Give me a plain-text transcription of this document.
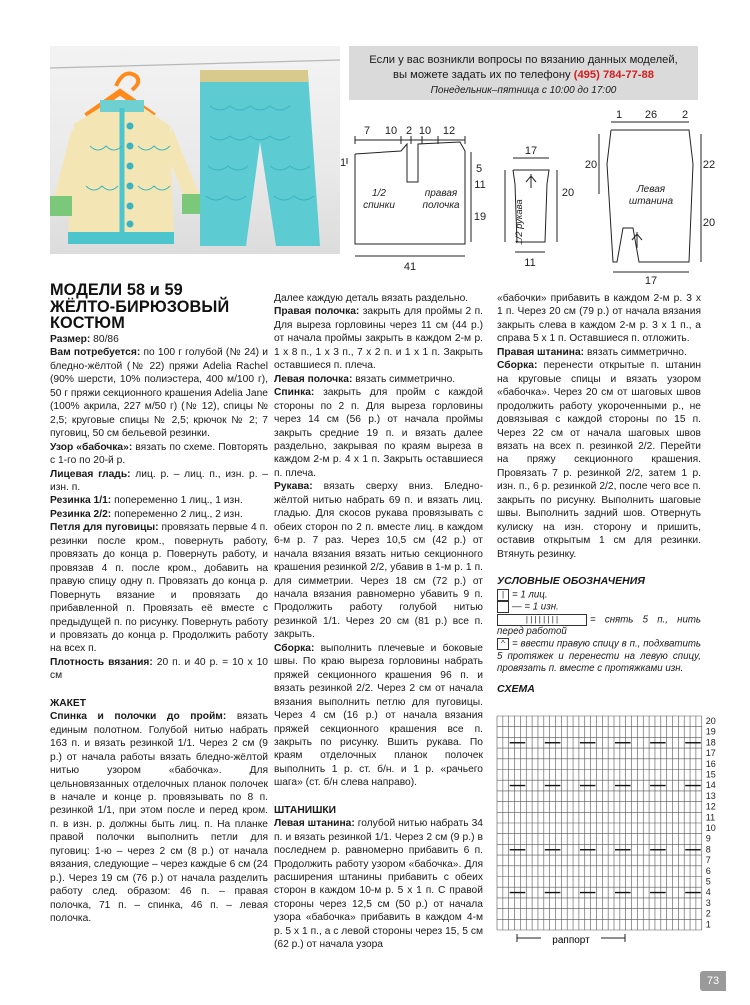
Если у вас возникли вопросы по вязанию данных моделей,
вы можете задать их по телефону (495) 784-77-88
Понедельник–пятница с 10:00 до 17:00
7 10 2 10 12
1	5
11
19
41
1/2
спинки
правая
полочка
17
20
11
1/2 рукава
1 26 2
20	22
20
17
Левая
штанина
МОДЕЛИ 58 и 59
ЖЁЛТО-БИРЮЗОВЫЙ
КОСТЮМ

Размер: 80/86

Вам потребуется: по 100 г голубой (№ 24) и бледно-жёлтой (№ 22) пряжи Adelia Rachel (90% шерсти, 10% полиэстера, 400 м/100 г), 50 г пряжи секционного крашения Adelia Jane (100% акрила, 227 м/50 г) (№ 12), спицы № 2,5; круговые спицы № 2,5; крючок № 2; 7 пуговиц, 50 см бельевой резинки.

Узор «бабочка»: вязать по схеме. Повторять с 1-го по 20-й р.

Лицевая гладь: лиц. р. – лиц. п., изн. р. – изн. п.

Резинка 1/1: попеременно 1 лиц., 1 изн.

Резинка 2/2: попеременно 2 лиц., 2 изн.

Петля для пуговицы: провязать первые 4 п. резинки после кром., повернуть работу, провязать до конца р. Повернуть работу, и провязав 4 п. после кром., добавить на правую спицу одну п. Провязать до конца р. Повернуть вязание и провязать до прибавленной п. Провязать её вместе с предыдущей п. по рисунку. Повернуть работу и провязать до конца р. Продолжить работу на всех п.

Плотность вязания: 20 п. и 40 р. = 10 х 10 см

ЖАКЕТ

Спинка и полочки до пройм: вязать единым полотном. Голубой нитью набрать 163 п. и вязать резинкой 1/1. Через 2 см (9 р.) от начала работы вязать бледно-жёлтой нитью узором «бабочка». Для цельновязанных отделочных планок полочек в начале и конце р. провязывать по 8 п. резинкой 1/1, при этом после и перед кром. п. в изн. р. должны быть лиц. п. На планке правой полочки выполнить петли для пуговиц: 1-ю – через 2 см (8 р.) от начала вязания, следующие – через каждые 6 см (24 р.). Через 19 см (76 р.) от начала разделить работу след. образом: 46 п. – правая полочка, 71 п. – спинка, 46 п. – левая полочка.

Далее каждую деталь вязать раздельно.

Правая полочка: закрыть для проймы 2 п. Для выреза горловины через 11 см (44 р.) от начала проймы закрыть в каждом 2-м р. 1 х 8 п., 1 х 3 п., 7 х 2 п. и 1 х 1 п. Закрыть оставшиеся п. плеча.

Левая полочка: вязать симметрично.

Спинка: закрыть для пройм с каждой стороны по 2 п. Для выреза горловины через 14 см (56 р.) от начала проймы закрыть средние 19 п. и вязать далее раздельно, закрывая по краям выреза в каждом 2-м р. 4 х 1 п. Закрыть оставшиеся п. плеча.

Рукава: вязать сверху вниз. Бледно-жёлтой нитью набрать 69 п. и вязать лиц. гладью. Для скосов рукава провязывать с обеих сторон по 2 п. вместе лиц. в каждом 6-м р. 7 раз. Через 10,5 см (42 р.) от начала вязания вязать нитью секционного крашения резинкой 2/2, убавив в 1-м р. 1 п. для симметрии. Через 18 см (72 р.) от начала вязания равномерно убавить 9 п. Продолжить работу голубой нитью резинкой 1/1. Через 20 см (81 р.) все п. закрыть.

Сборка: выполнить плечевые и боковые швы. По краю выреза горловины набрать пряжей секционного крашения 96 п. и вязать резинкой 2/2. Через 2 см от начала вязания выполнить петлю для пуговицы. Через 4 см (16 р.) от начала вязания пряжей секционного крашения все п. закрыть по рисунку. Вшить рукава. По краям отделочных планок полочек выполнить 1 р. ст. б/н. и 1 р. «рачьего шага» (ст. б/н слева направо).

ШТАНИШКИ

Левая штанина: голубой нитью набрать 34 п. и вязать резинкой 1/1. Через 2 см (9 р.) в последнем р. равномерно прибавить 6 п. Продолжить работу узором «бабочка». Для расширения штанины прибавить с обеих сторон в каждом 10-м р. 5 х 1 п. С правой стороны через 12,5 см (50 р.) от начала узора «бабочка» прибавить в каждом 4-м р. 5 х 1 п., а с левой стороны через 15, 5 см (62 р.) от начала узора

«бабочки» прибавить в каждом 2-м р. 3 х 1 п. Через 20 см (79 р.) от начала вязания закрыть слева в каждом 2-м р. 3 х 1 п., а справа 5 х 1 п. Оставшиеся п. отложить.

Правая штанина: вязать симметрично.

Сборка: перенести открытые п. штанин на круговые спицы и вязать узором «бабочка». Через 20 см от шаговых швов продолжить работу укороченными р., не довязывая с каждой стороны по 15 п. Через 22 см от начала шаговых швов вязать на всех п. резинкой 2/2. Перейти на пряжу секционного крашения. Провязать 7 р. резинкой 2/2, затем 1 р. изн. п., 6 р. резинкой 2/2, после чего все п. закрыть по рисунку. Выполнить шаговые швы. Выполнить задний шов. Отвернуть кулиску на изн. сторону и пришить, оставив открытым 1 см для резинки. Втянуть резинку.

УСЛОВНЫЕ ОБОЗНАЧЕНИЯ

| = 1 лиц.
— = 1 изн.
| | | | | | | |	= снять 5 п., нить перед работой
^ = ввести правую спицу в п., подхватить 5 протяжек и перенести на левую спицу, провязать п. вместе с протяжками изн.

СХЕМА

20
19
18
17
16
15
14
13
12
11
10
9
8
7
6
5
4
3
2
1
раппорт
73
